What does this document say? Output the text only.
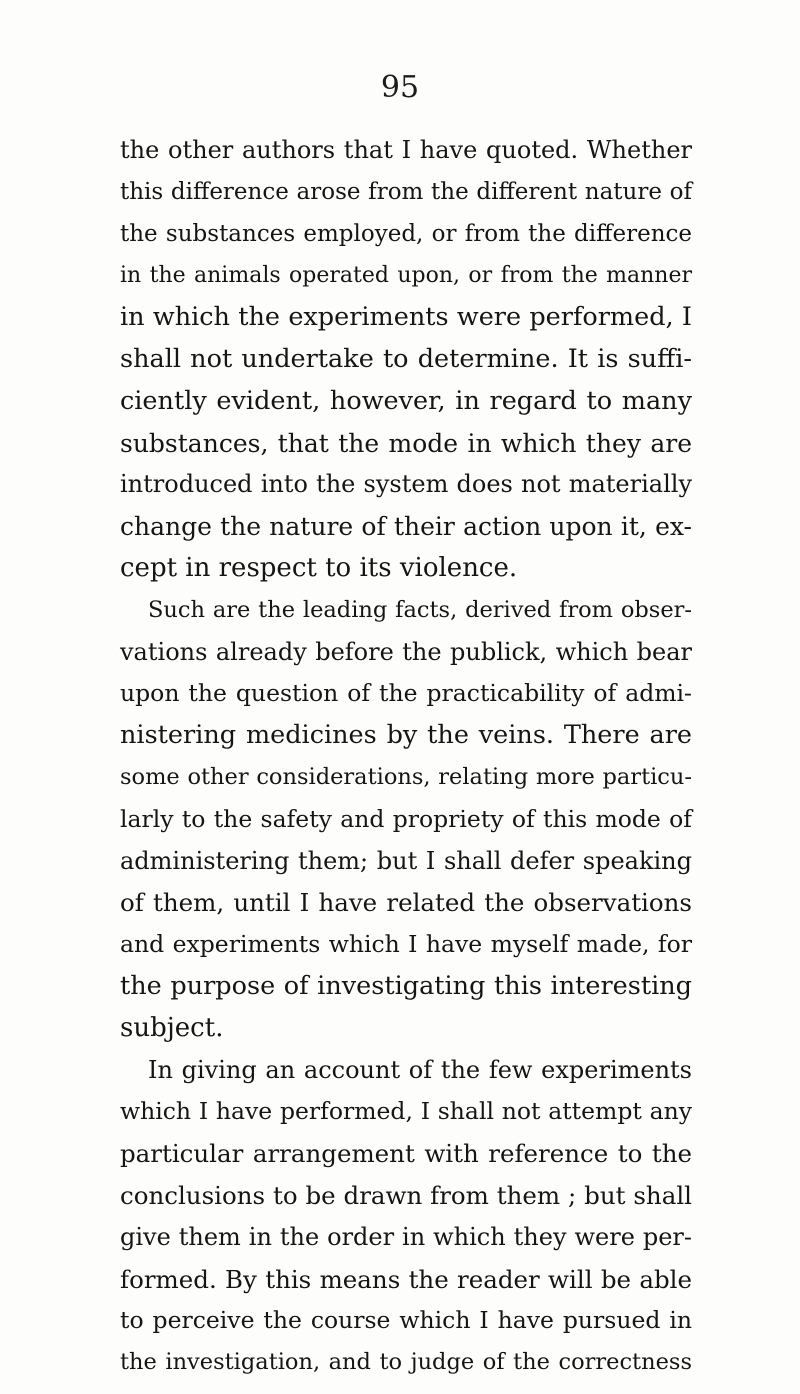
95
the other authors that I have quoted. Whether
this difference arose from the different nature of
the substances employed, or from the difference
in the animals operated upon, or from the manner
in which the experiments were performed, I
shall not undertake to determine. It is suffi-
ciently evident, however, in regard to many
substances, that the mode in which they are
introduced into the system does not materially
change the nature of their action upon it, ex-
cept in respect to its violence.
Such are the leading facts, derived from obser-
vations already before the publick, which bear
upon the question of the practicability of admi-
nistering medicines by the veins. There are
some other considerations, relating more particu-
larly to the safety and propriety of this mode of
administering them; but I shall defer speaking
of them, until I have related the observations
and experiments which I have myself made, for
the purpose of investigating this interesting
subject.
In giving an account of the few experiments
which I have performed, I shall not attempt any
particular arrangement with reference to the
conclusions to be drawn from them ; but shall
give them in the order in which they were per-
formed. By this means the reader will be able
to perceive the course which I have pursued in
the investigation, and to judge of the correctness
